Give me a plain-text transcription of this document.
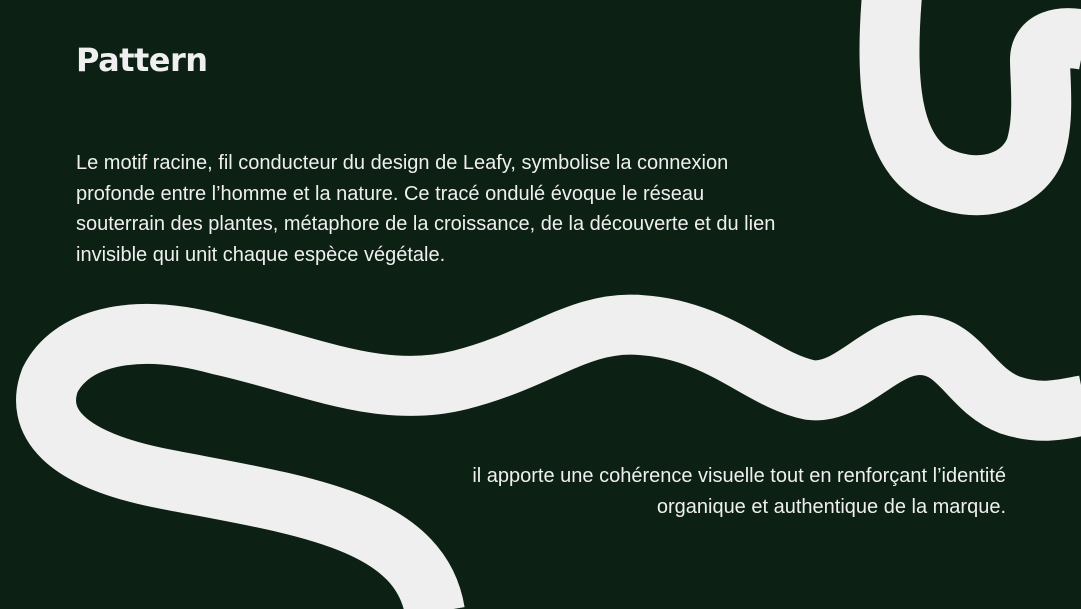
Pattern

Le motif racine, fil conducteur du design de Leafy, symbolise la connexion profonde entre l’homme et la nature. Ce tracé ondulé évoque le réseau souterrain des plantes, métaphore de la croissance, de la découverte et du lien invisible qui unit chaque espèce végétale.

il apporte une cohérence visuelle tout en renforçant l’identité organique et authentique de la marque.
